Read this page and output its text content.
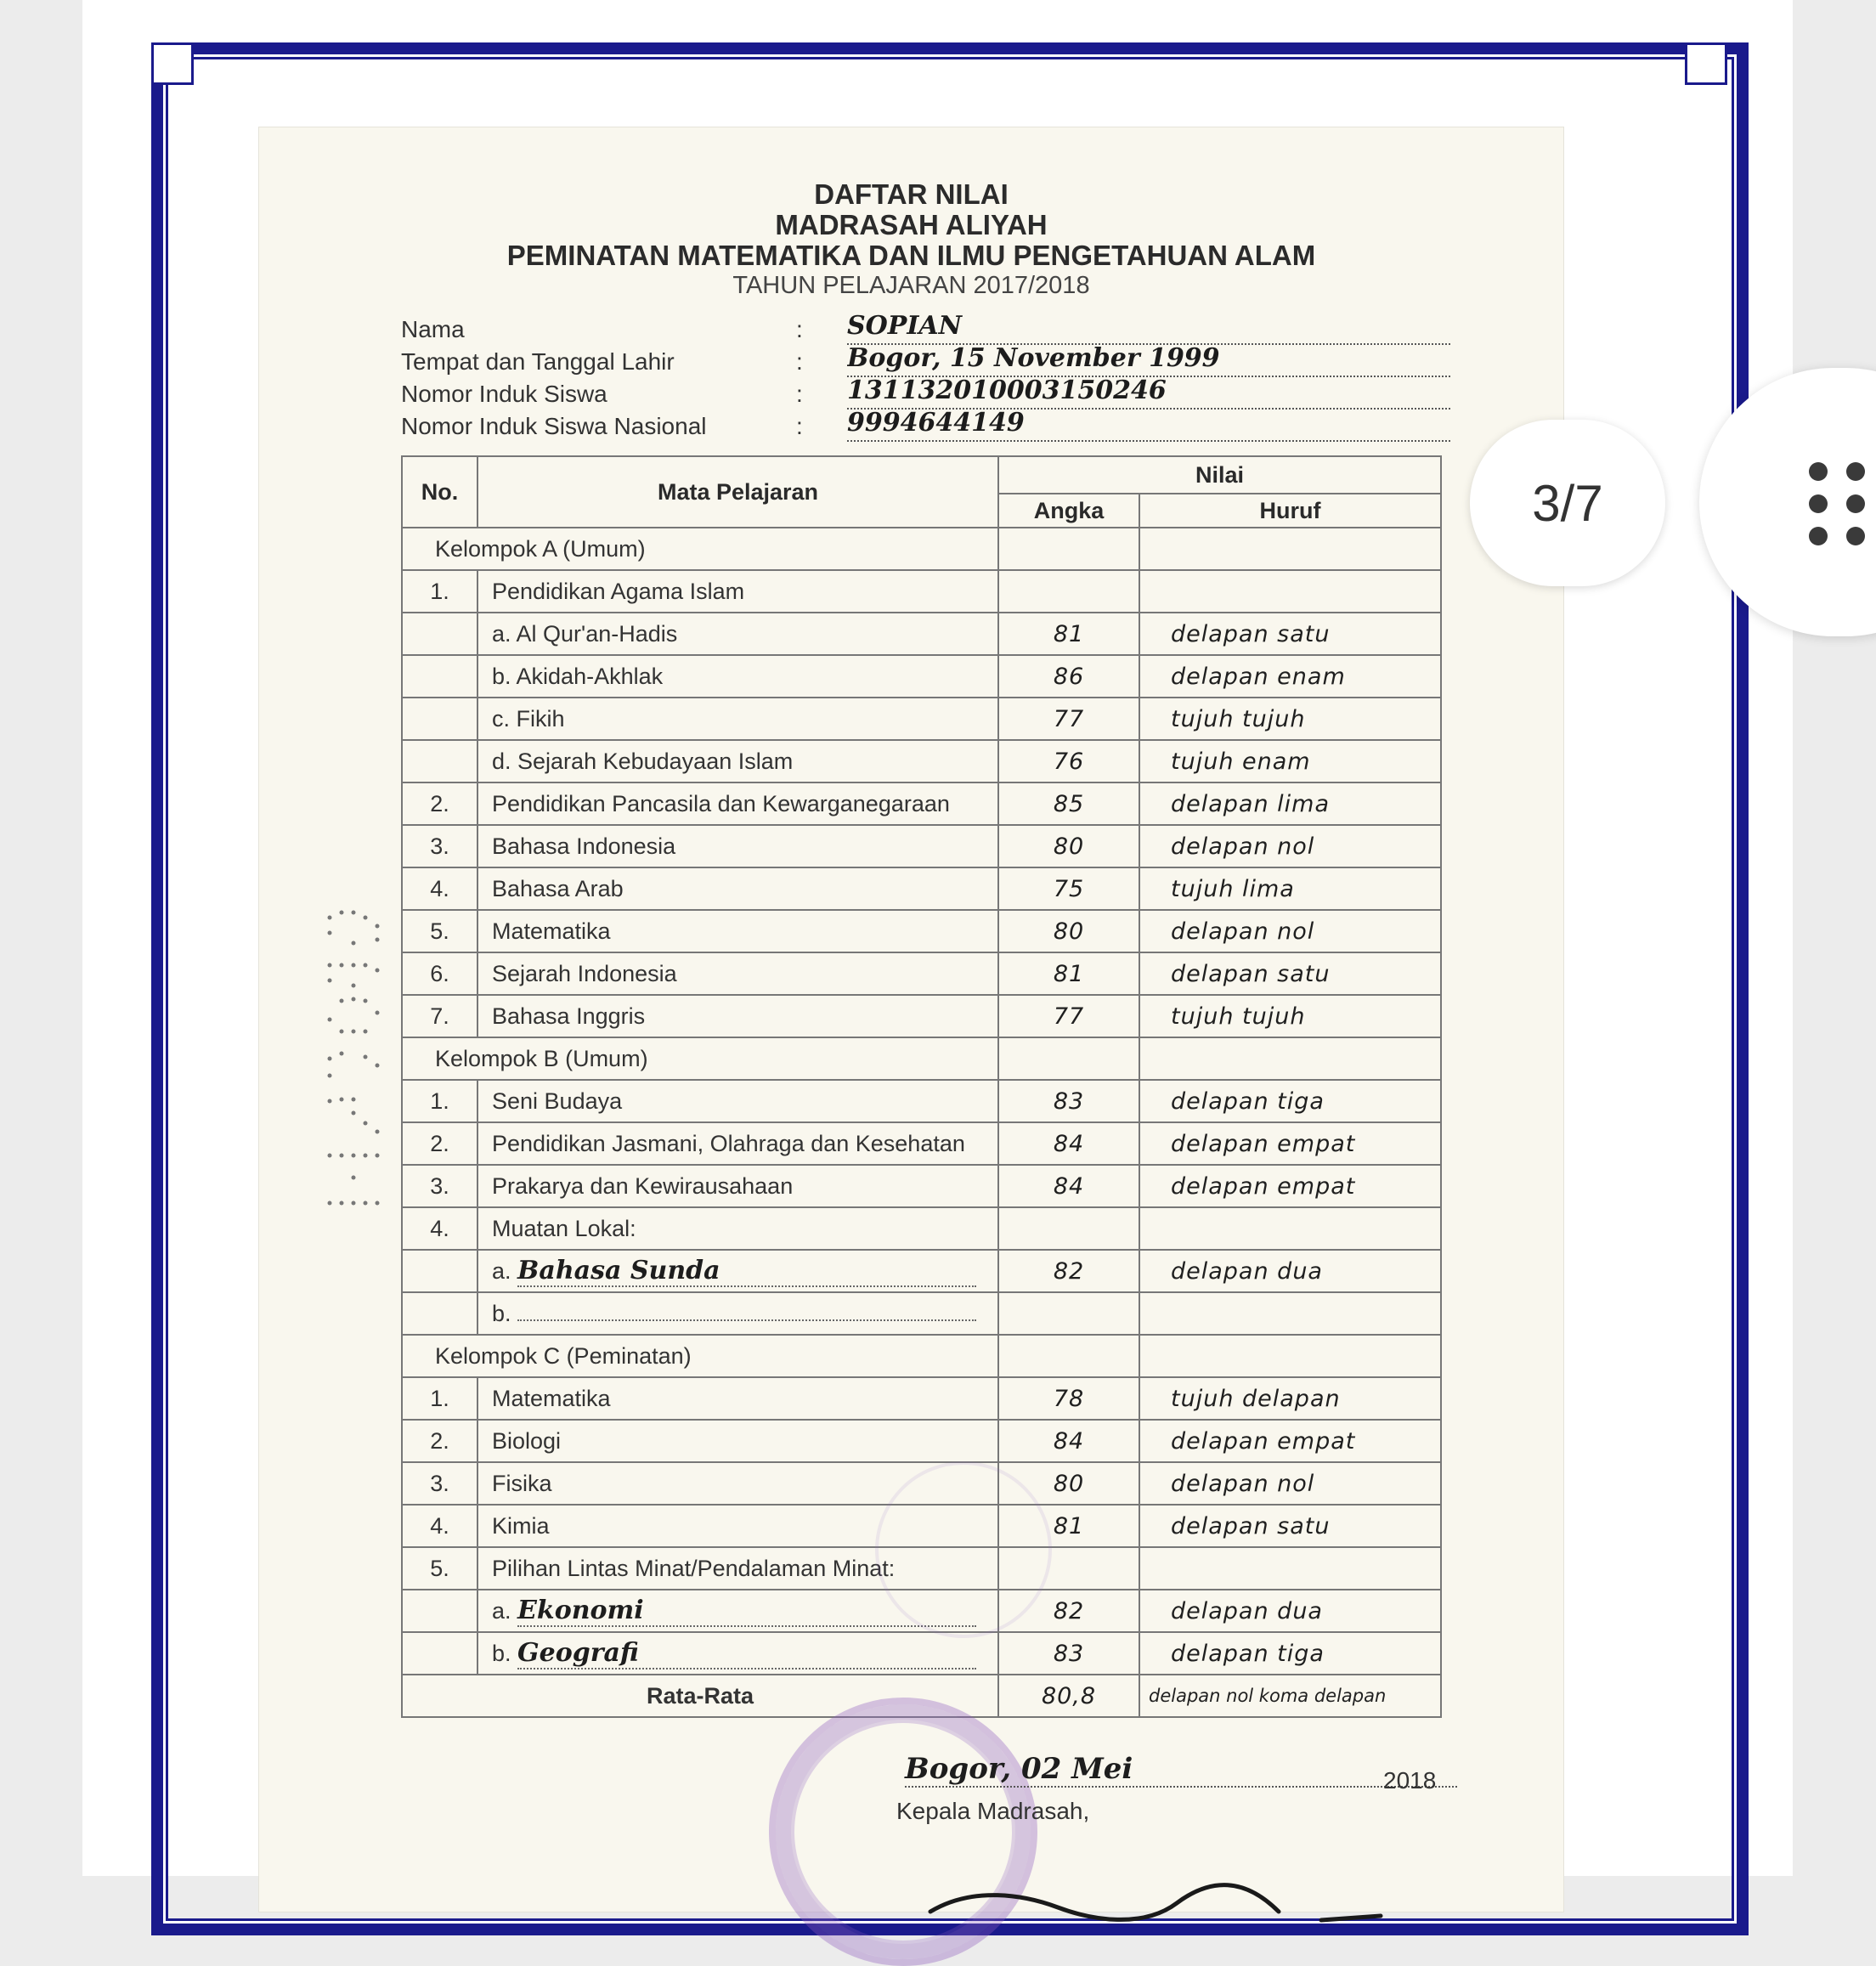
DAFTAR NILAI
MADRASAH ALIYAH
PEMINATAN MATEMATIKA DAN ILMU PENGETAHUAN ALAM
TAHUN PELAJARAN 2017/2018
Nama	: SOPIAN
Tempat dan Tanggal Lahir	: Bogor, 15 November 1999
Nomor Induk Siswa	: 131132010003150246
Nomor Induk Siswa Nasional	: 9994644149
No.	Mata Pelajaran	Nilai	
		Angka	Huruf
Kelompok A (Umum)			
1.	Pendidikan Agama Islam		
	a. Al Qur'an-Hadis	81	delapan satu
	b. Akidah-Akhlak	86	delapan enam
	c. Fikih	77	tujuh tujuh
	d. Sejarah Kebudayaan Islam	76	tujuh enam
2.	Pendidikan Pancasila dan Kewarganegaraan	85	delapan lima
3.	Bahasa Indonesia	80	delapan nol
4.	Bahasa Arab	75	tujuh lima
5.	Matematika	80	delapan nol
6.	Sejarah Indonesia	81	delapan satu
7.	Bahasa Inggris	77	tujuh tujuh
Kelompok B (Umum)			
1.	Seni Budaya	83	delapan tiga
2.	Pendidikan Jasmani, Olahraga dan Kesehatan	84	delapan empat
3.	Prakarya dan Kewirausahaan	84	delapan empat
4.	Muatan Lokal:		
	a. Bahasa Sunda	82	delapan dua
	b.		
Kelompok C (Peminatan)			
1.	Matematika	78	tujuh delapan
2.	Biologi	84	delapan empat
3.	Fisika	80	delapan nol
4.	Kimia	81	delapan satu
5.	Pilihan Lintas Minat/Pendalaman Minat:		
	a. Ekonomi	82	delapan dua
	b. Geografi	83	delapan tiga
Rata-Rata		80,8	delapan nol koma delapan
Bogor, 02 Mei	2018
Kepala Madrasah,
3/7
